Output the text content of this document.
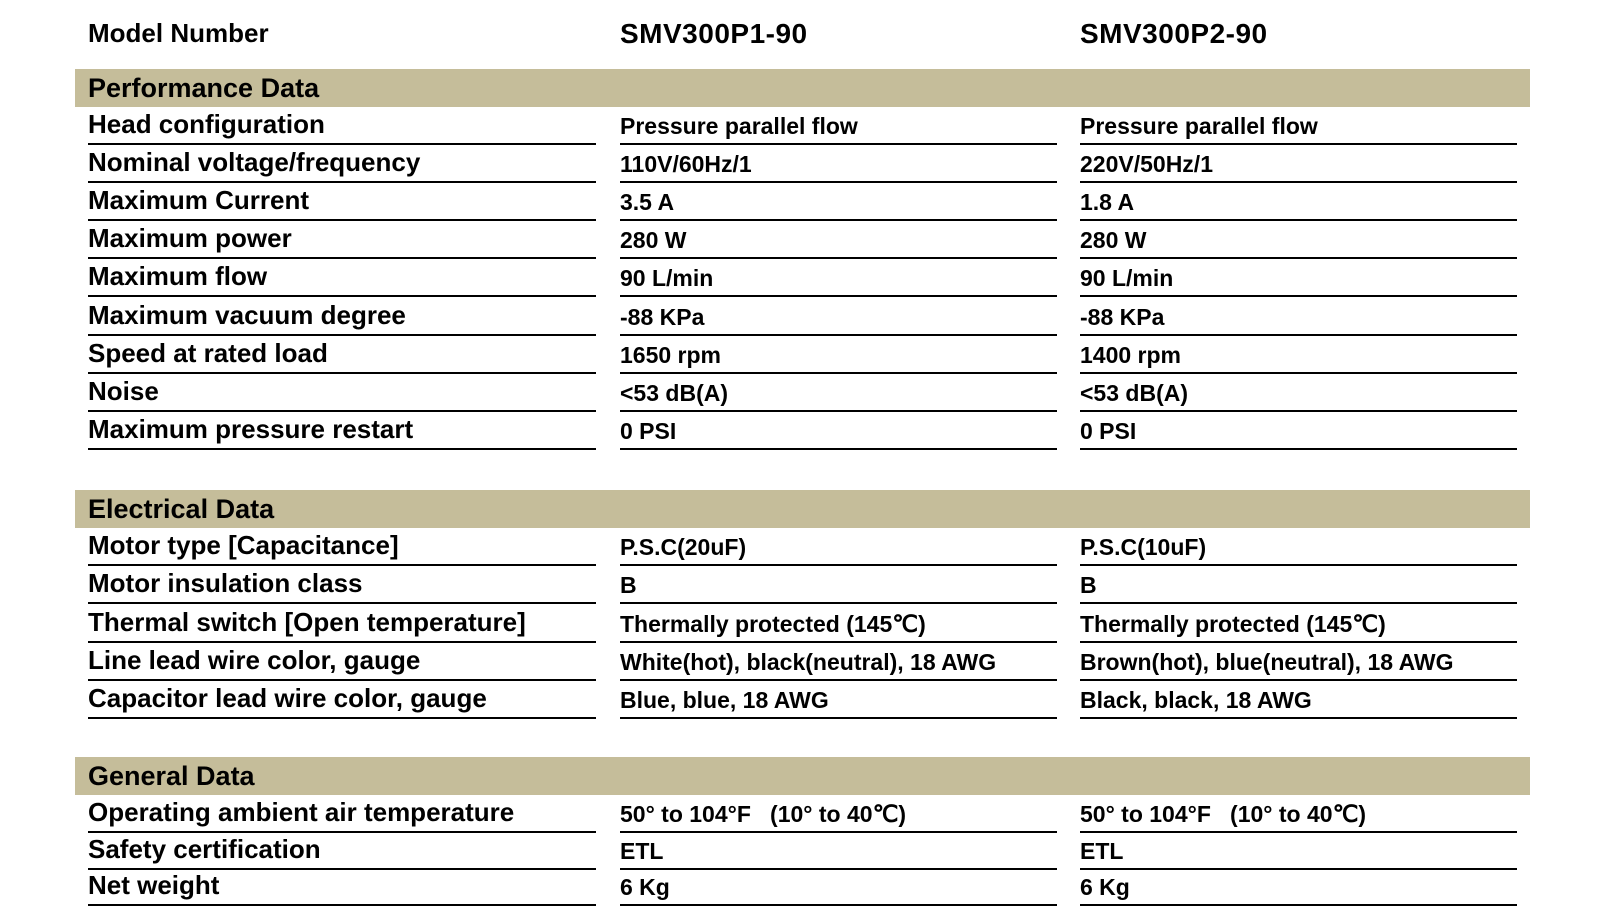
Model Number	SMV300P1-90	SMV300P2-90
Performance Data
Head configuration	Pressure parallel flow	Pressure parallel flow
Nominal voltage/frequency	110V/60Hz/1	220V/50Hz/1
Maximum Current	3.5 A	1.8 A
Maximum power	280 W	280 W
Maximum flow	90 L/min	90 L/min
Maximum vacuum degree	-88 KPa	-88 KPa
Speed at rated load	1650 rpm	1400 rpm
Noise	<53 dB(A)	<53 dB(A)
Maximum pressure restart	0 PSI	0 PSI
Electrical Data
Motor type [Capacitance]	P.S.C(20uF)	P.S.C(10uF)
Motor insulation class	B	B
Thermal switch [Open temperature]	Thermally protected (145℃)	Thermally protected (145℃)
Line lead wire color, gauge	White(hot), black(neutral), 18 AWG	Brown(hot), blue(neutral), 18 AWG
Capacitor lead wire color, gauge	Blue, blue, 18 AWG	Black, black, 18 AWG
General Data
Operating ambient air temperature	50° to 104°F   (10° to 40℃)	50° to 104°F   (10° to 40℃)
Safety certification	ETL	ETL
Net weight	6 Kg	6 Kg
